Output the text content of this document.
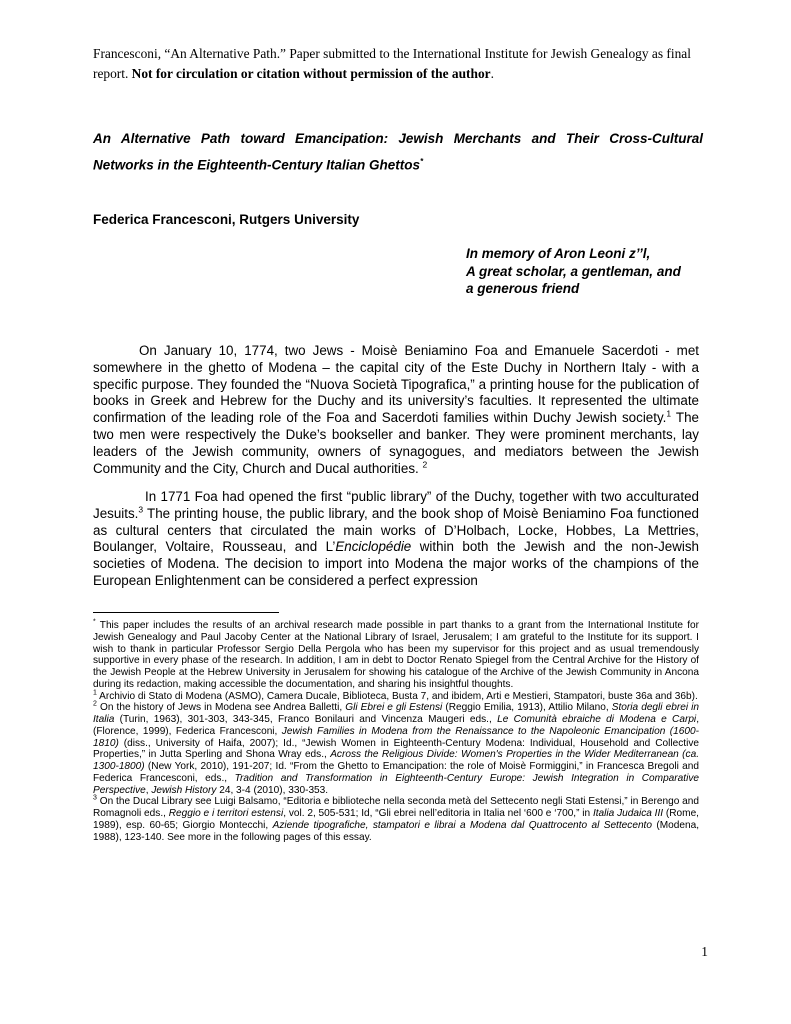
Francesconi, “An Alternative Path.” Paper submitted to the International Institute for Jewish Genealogy as final report. Not for circulation or citation without permission of the author.
An Alternative Path toward Emancipation: Jewish Merchants and Their Cross-Cultural Networks in the Eighteenth-Century Italian Ghettos*
Federica Francesconi, Rutgers University
In memory of Aron Leoni z’’l,
A great scholar, a gentleman, and
a generous friend

On January 10, 1774, two Jews - Moisè Beniamino Foa and Emanuele Sacerdoti - met somewhere in the ghetto of Modena – the capital city of the Este Duchy in Northern Italy - with a specific purpose. They founded the “Nuova Società Tipografica,” a printing house for the publication of books in Greek and Hebrew for the Duchy and its university’s faculties. It represented the ultimate confirmation of the leading role of the Foa and Sacerdoti families within Duchy Jewish society.$^1$ The two men were respectively the Duke’s bookseller and banker. They were prominent merchants, lay leaders of the Jewish community, owners of synagogues, and mediators between the Jewish Community and the City, Church and Ducal authorities. $^2$

In 1771 Foa had opened the first “public library” of the Duchy, together with two acculturated Jesuits.$^3$ The printing house, the public library, and the book shop of Moisè Beniamino Foa functioned as cultural centers that circulated the main works of D’Holbach, Locke, Hobbes, La Mettries, Boulanger, Voltaire, Rousseau, and L’Enciclopédie within both the Jewish and the non-Jewish societies of Modena. The decision to import into Modena the major works of the champions of the European Enlightenment can be considered a perfect expression

* This paper includes the results of an archival research made possible in part thanks to a grant from the International Institute for Jewish Genealogy and Paul Jacoby Center at the National Library of Israel, Jerusalem; I am grateful to the Institute for its support. I wish to thank in particular Professor Sergio Della Pergola who has been my supervisor for this project and as usual tremendously supportive in every phase of the research. In addition, I am in debt to Doctor Renato Spiegel from the Central Archive for the History of the Jewish People at the Hebrew University in Jerusalem for showing his catalogue of the Archive of the Jewish Community in Ancona during its redaction, making accessible the documentation, and sharing his insightful thoughts.

$^1$ Archivio di Stato di Modena (ASMO), Camera Ducale, Biblioteca, Busta 7, and ibidem, Arti e Mestieri, Stampatori, buste 36a and 36b).

$^2$ On the history of Jews in Modena see Andrea Balletti, Gli Ebrei e gli Estensi (Reggio Emilia, 1913), Attilio Milano, Storia degli ebrei in Italia (Turin, 1963), 301-303, 343-345, Franco Bonilauri and Vincenza Maugeri eds., Le Comunità ebraiche di Modena e Carpi, (Florence, 1999), Federica Francesconi, Jewish Families in Modena from the Renaissance to the Napoleonic Emancipation (1600-1810) (diss., University of Haifa, 2007); Id., “Jewish Women in Eighteenth-Century Modena: Individual, Household and Collective Properties,” in Jutta Sperling and Shona Wray eds., Across the Religious Divide: Women's Properties in the Wider Mediterranean (ca. 1300-1800) (New York, 2010), 191-207; Id. “From the Ghetto to Emancipation: the role of Moisè Formiggini,” in Francesca Bregoli and Federica Francesconi, eds., Tradition and Transformation in Eighteenth-Century Europe: Jewish Integration in Comparative Perspective, Jewish History 24, 3-4 (2010), 330-353.

$^3$ On the Ducal Library see Luigi Balsamo, “Editoria e biblioteche nella seconda metà del Settecento negli Stati Estensi,” in Berengo and Romagnoli eds., Reggio e i territori estensi, vol. 2, 505-531; Id, “Gli ebrei nell’editoria in Italia nel ‘600 e ‘700,” in Italia Judaica III (Rome, 1989), esp. 60-65; Giorgio Montecchi, Aziende tipografiche, stampatori e librai a Modena dal Quattrocento al Settecento (Modena, 1988), 123-140. See more in the following pages of this essay.

1
